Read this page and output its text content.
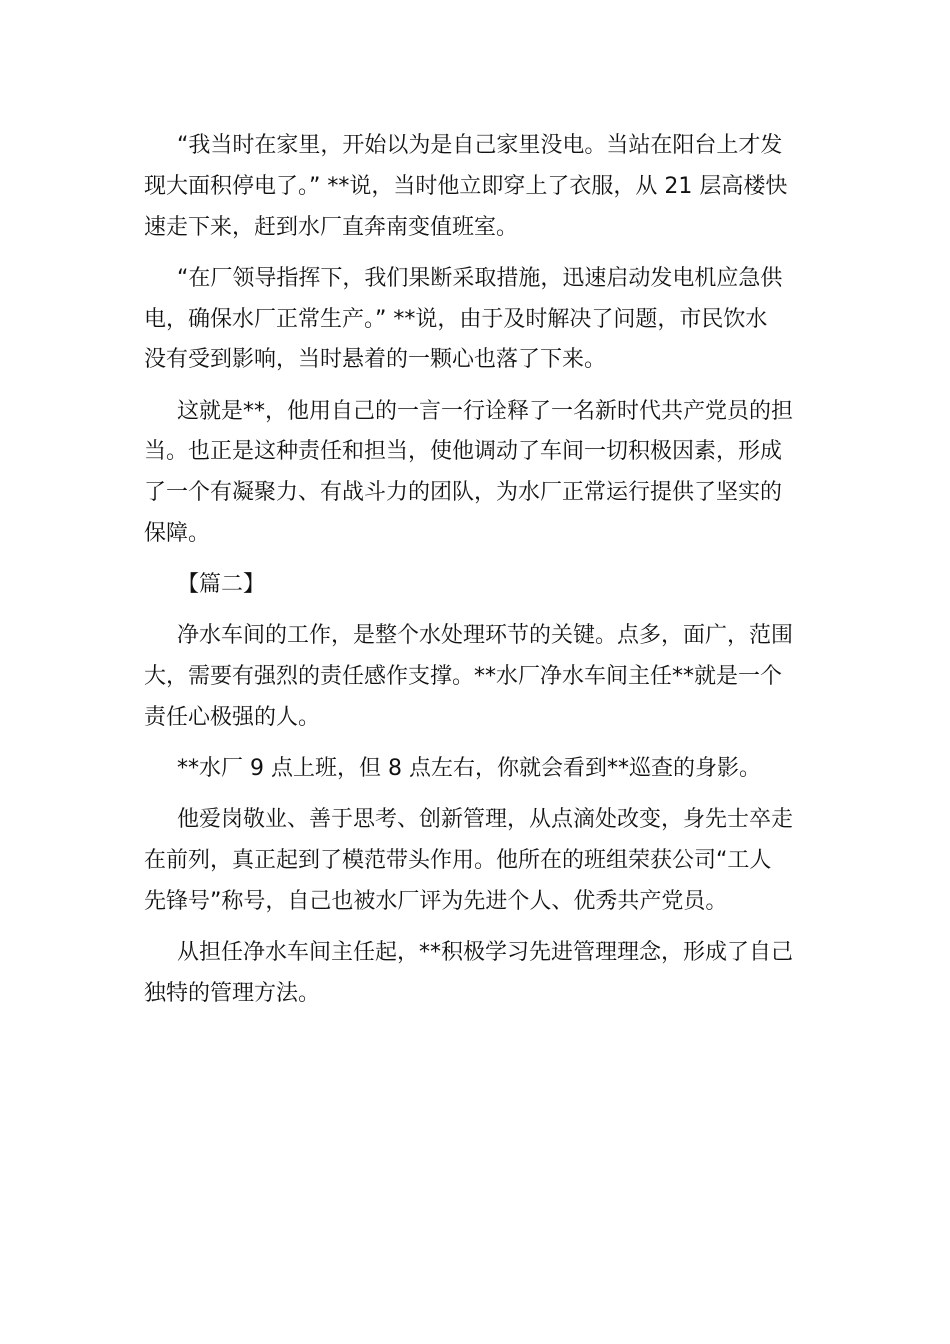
“我当时在家里，开始以为是自己家里没电。当站在阳台上才发
现大面积停电了。” **说，当时他立即穿上了衣服，从 21 层高楼快
速走下来，赶到水厂直奔南变值班室。
“在厂领导指挥下，我们果断采取措施，迅速启动发电机应急供
电，确保水厂正常生产。” **说，由于及时解决了问题，市民饮水
没有受到影响，当时悬着的一颗心也落了下来。
这就是**，他用自己的一言一行诠释了一名新时代共产党员的担
当。也正是这种责任和担当，使他调动了车间一切积极因素，形成
了一个有凝聚力、有战斗力的团队，为水厂正常运行提供了坚实的
保障。
【篇二】
净水车间的工作，是整个水处理环节的关键。点多，面广，范围
大，需要有强烈的责任感作支撑。**水厂净水车间主任**就是一个
责任心极强的人。
**水厂 9 点上班，但 8 点左右，你就会看到**巡查的身影。
他爱岗敬业、善于思考、创新管理，从点滴处改变，身先士卒走
在前列，真正起到了模范带头作用。他所在的班组荣获公司“工人
先锋号”称号，自己也被水厂评为先进个人、优秀共产党员。
从担任净水车间主任起，**积极学习先进管理理念，形成了自己
独特的管理方法。
